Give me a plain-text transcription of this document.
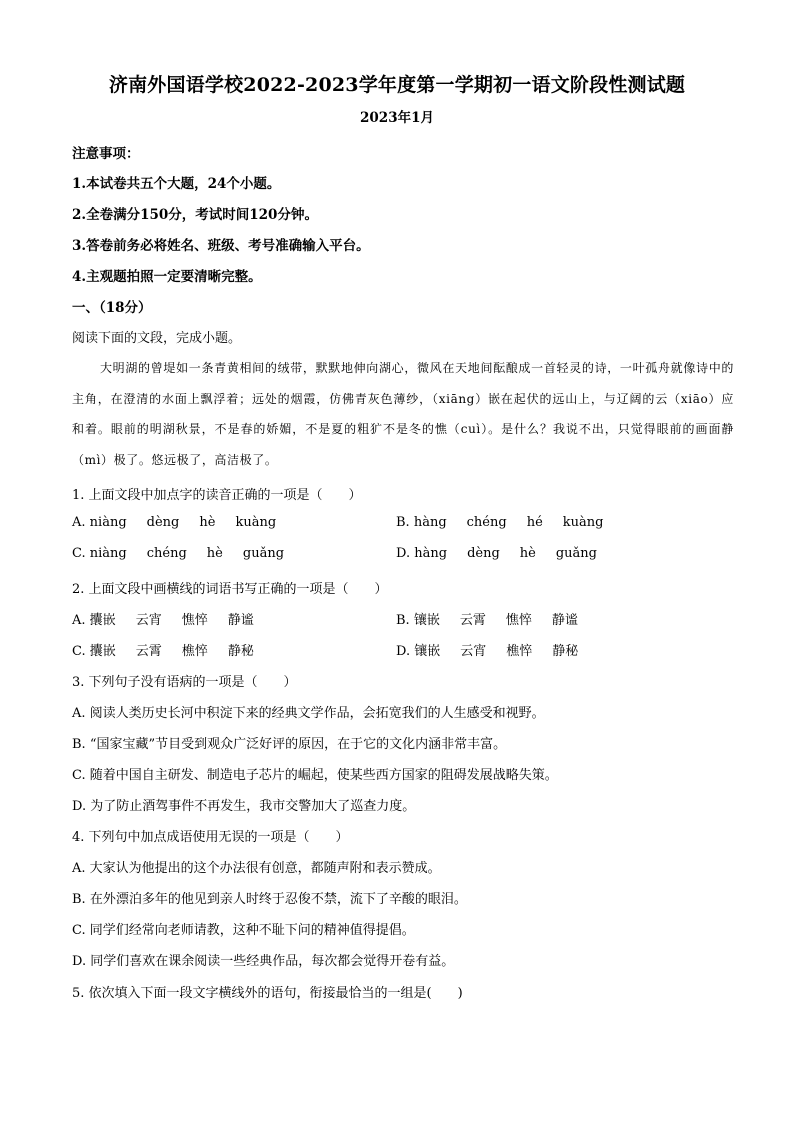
济南外国语学校2022-2023学年度第一学期初一语文阶段性测试题
2023年1月
注意事项：
1.本试卷共五个大题，24个小题。
2.全卷满分150分，考试时间120分钟。
3.答卷前务必将姓名、班级、考号准确输入平台。
4.主观题拍照一定要清晰完整。
一、（18分）
阅读下面的文段，完成小题。
大明湖的曾堤如一条青黄相间的绒带，默默地伸向湖心，微风在天地间酝酿成一首轻灵的诗，一叶孤舟就像诗中的主角，在澄清的水面上飘浮着；远处的烟霞，仿佛青灰色薄纱，（xiāng）嵌在起伏的远山上，与辽阔的云（xiāo）应和着。眼前的明湖秋景，不是春的娇媚，不是夏的粗犷不是冬的憔（cuì）。是什么？我说不出，只觉得眼前的画面静（mì）极了。悠远极了，高洁极了。
1. 上面文段中加点字的读音正确的一项是（　　）
A. niàng dèng hè kuàng	B. hàng chéng hé kuàng
C. niàng chéng hè guǎng	D. hàng dèng hè guǎng
2. 上面文段中画横线的词语书写正确的一项是（　　）
A. 攮嵌 云宵 憔悴 静谧	B. 镶嵌 云霄 憔悴 静谧
C. 攮嵌 云霄 樵悴 静秘	D. 镶嵌 云宵 樵悴 静秘
3. 下列句子没有语病的一项是（　　）
A. 阅读人类历史长河中积淀下来的经典文学作品，会拓宽我们的人生感受和视野。
B. “国家宝藏”节目受到观众广泛好评的原因，在于它的文化内涵非常丰富。
C. 随着中国自主研发、制造电子芯片的崛起，使某些西方国家的阻碍发展战略失策。
D. 为了防止酒驾事件不再发生，我市交警加大了巡查力度。
4. 下列句中加点成语使用无误的一项是（　　）
A. 大家认为他提出的这个办法很有创意，都随声附和表示赞成。
B. 在外漂泊多年的他见到亲人时终于忍俊不禁，流下了辛酸的眼泪。
C. 同学们经常向老师请教，这种不耻下问的精神值得提倡。
D. 同学们喜欢在课余阅读一些经典作品，每次都会觉得开卷有益。
5. 依次填入下面一段文字横线外的语句，衔接最恰当的一组是(　　)
